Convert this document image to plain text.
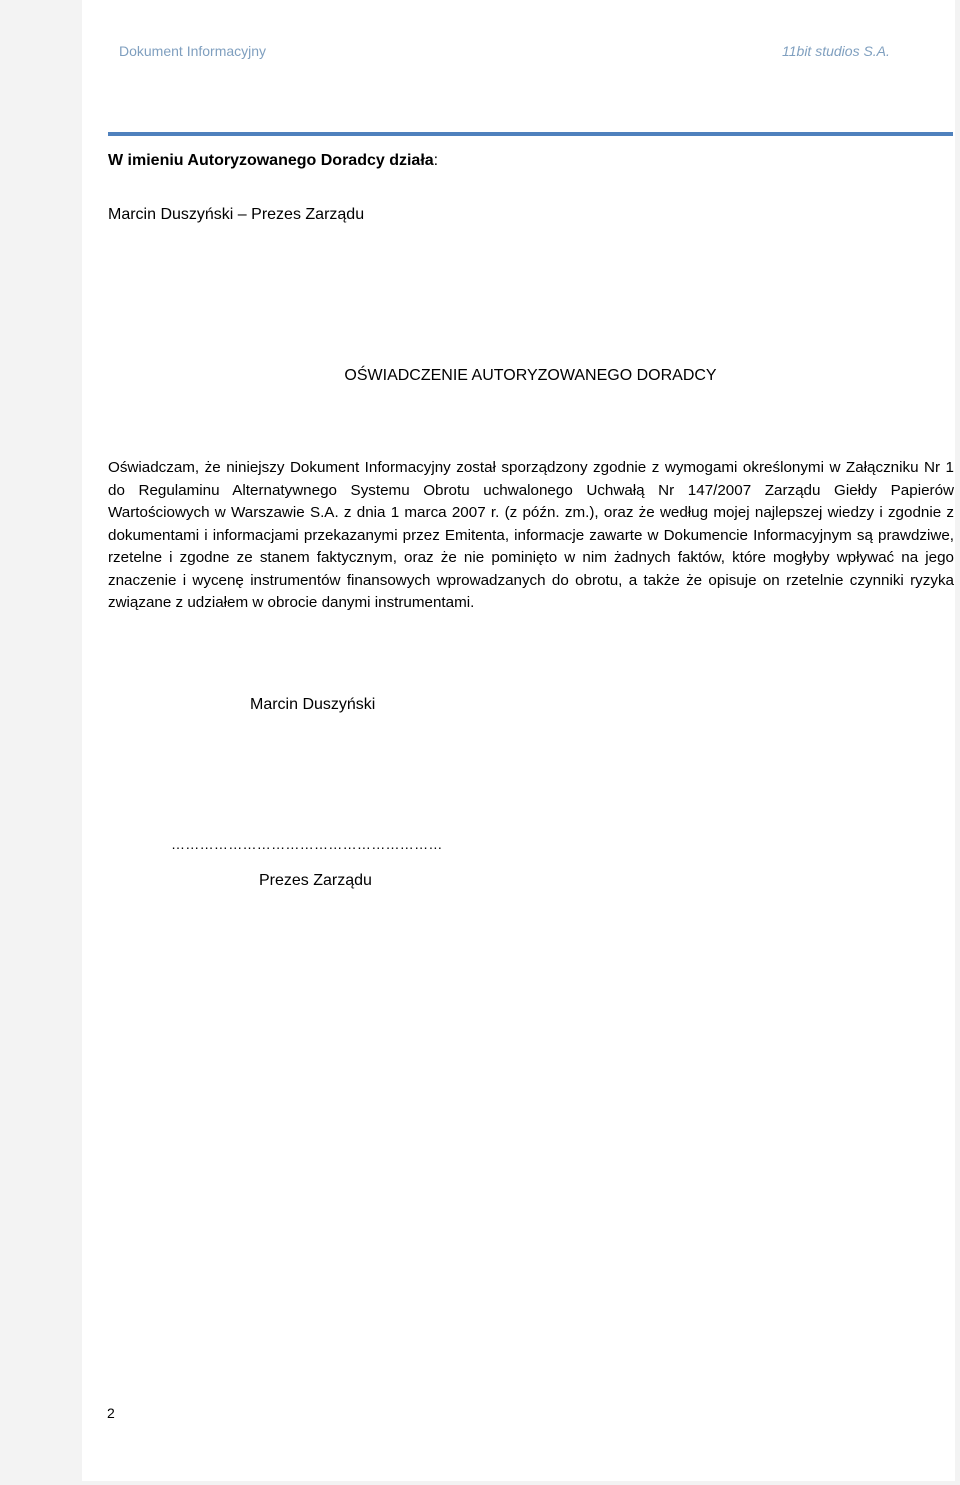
Dokument Informacyjny	11bit studios S.A.
W imieniu Autoryzowanego Doradcy działa:
Marcin Duszyński – Prezes Zarządu
OŚWIADCZENIE AUTORYZOWANEGO DORADCY
Oświadczam, że niniejszy Dokument Informacyjny został sporządzony zgodnie z wymogami określonymi w Załączniku Nr 1 do Regulaminu Alternatywnego Systemu Obrotu uchwalonego Uchwałą Nr 147/2007 Zarządu Giełdy Papierów Wartościowych w Warszawie S.A. z dnia 1 marca 2007 r. (z późn. zm.), oraz że według mojej najlepszej wiedzy i zgodnie z dokumentami i informacjami przekazanymi przez Emitenta, informacje zawarte w Dokumencie Informacyjnym są prawdziwe, rzetelne i zgodne ze stanem faktycznym, oraz że nie pominięto w nim żadnych faktów, które mogłyby wpływać na jego znaczenie i wycenę instrumentów finansowych wprowadzanych do obrotu, a także że opisuje on rzetelnie czynniki ryzyka związane z udziałem w obrocie danymi instrumentami.
Marcin Duszyński
…………………………………………………
Prezes Zarządu
2
